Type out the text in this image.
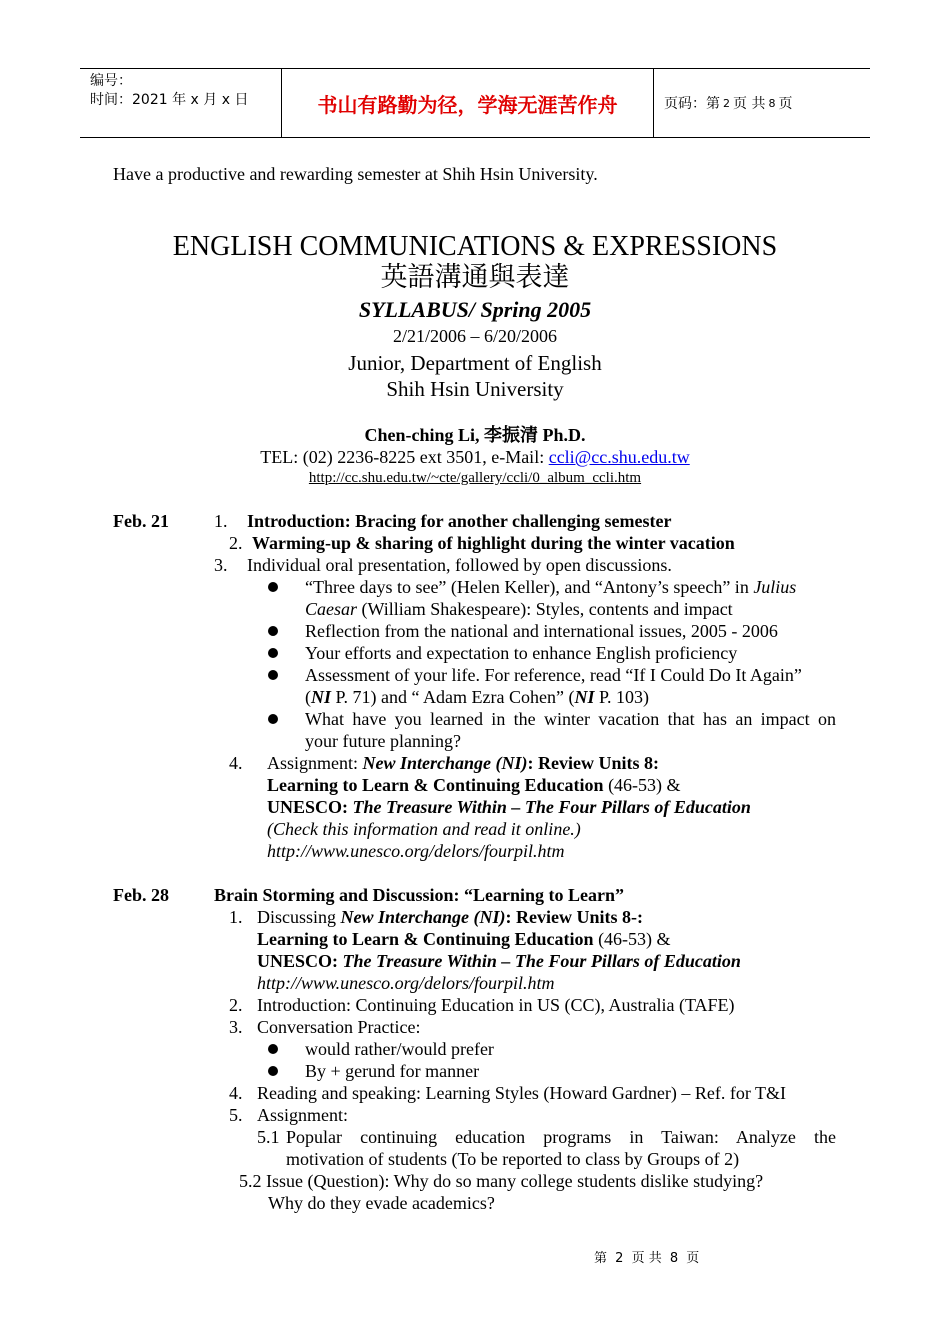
编号：
时间：2021 年 x 月 x 日	书山有路勤为径，学海无涯苦作舟	页码：第 2 页 共 8 页
Have a productive and rewarding semester at Shih Hsin University.
ENGLISH COMMUNICATIONS & EXPRESSIONS
英語溝通與表達
SYLLABUS/ Spring 2005
2/21/2006 – 6/20/2006
Junior, Department of English
Shih Hsin University
Chen-ching Li, 李振清 Ph.D.
TEL: (02) 2236-8225 ext 3501, e-Mail: ccli@cc.shu.edu.tw
http://cc.shu.edu.tw/~cte/gallery/ccli/0_album_ccli.htm
Feb. 21	1. Introduction: Bracing for another challenging semester
2. Warming-up & sharing of highlight during the winter vacation
3. Individual oral presentation, followed by open discussions.
“Three days to see” (Helen Keller), and “Antony’s speech” in Julius
Caesar (William Shakespeare): Styles, contents and impact
Reflection from the national and international issues, 2005 - 2006
Your efforts and expectation to enhance English proficiency
Assessment of your life. For reference, read “If I Could Do It Again”
(NI P. 71) and “ Adam Ezra Cohen” (NI P. 103)
What have you learned in the winter vacation that has an impact on
your future planning?
4. Assignment: New Interchange (NI): Review Units 8:
Learning to Learn & Continuing Education (46-53) &
UNESCO: The Treasure Within – The Four Pillars of Education
(Check this information and read it online.)
http://www.unesco.org/delors/fourpil.htm
Feb. 28	Brain Storming and Discussion: “Learning to Learn”
1. Discussing New Interchange (NI): Review Units 8-:
Learning to Learn & Continuing Education (46-53) &
UNESCO: The Treasure Within – The Four Pillars of Education
http://www.unesco.org/delors/fourpil.htm
2. Introduction: Continuing Education in US (CC), Australia (TAFE)
3. Conversation Practice:
would rather/would prefer
By + gerund for manner
4. Reading and speaking: Learning Styles (Howard Gardner) – Ref. for T&I
5. Assignment:
5.1 Popular continuing education programs in Taiwan: Analyze the
motivation of students (To be reported to class by Groups of 2)
5.2 Issue (Question): Why do so many college students dislike studying?
Why do they evade academics?
第 2 页 共 8 页
